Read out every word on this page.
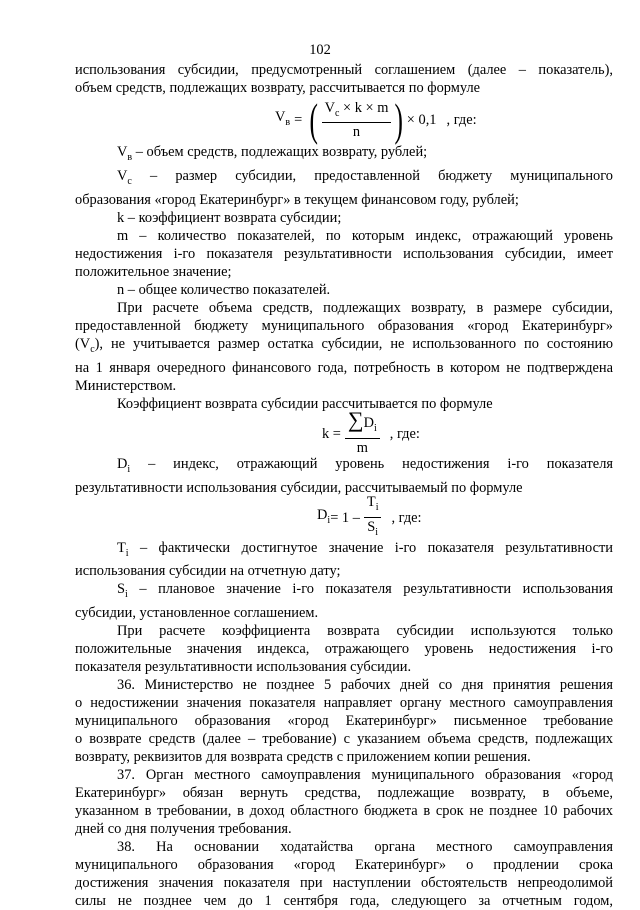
102

использования субсидии, предусмотренный соглашением (далее – показатель),

объем средств, подлежащих возврату, рассчитывается по формуле

$V_в$ = ( $\frac{V_с \times k \times m}{n}$ ) × 0,1 , где:

$V_в$ – объем средств, подлежащих возврату, рублей;

$V_с$ – размер субсидии, предоставленной бюджету муниципального

образования «город Екатеринбург» в текущем финансовом году, рублей;

k – коэффициент возврата субсидии;

m – количество показателей, по которым индекс, отражающий уровень

недостижения i-го показателя результативности использования субсидии, имеет

положительное значение;

n – общее количество показателей.

При расчете объема средств, подлежащих возврату, в размере субсидии,

предоставленной бюджету муниципального образования «город Екатеринбург»

$(V_с)$, не учитывается размер остатка субсидии, не использованного по состоянию

на 1 января очередного финансового года, потребность в котором не подтверждена

Министерством.

Коэффициент возврата субсидии рассчитывается по формуле

$k = \frac{\sum D_i}{m}$ , где:

$D_i$ – индекс, отражающий уровень недостижения i-го показателя

результативности использования субсидии, рассчитываемый по формуле

$D_i = 1 - \frac{T_i}{S_i}$ , где:

$T_i$ – фактически достигнутое значение i-го показателя результативности

использования субсидии на отчетную дату;

$S_i$ – плановое значение i-го показателя результативности использования

субсидии, установленное соглашением.

При расчете коэффициента возврата субсидии используются только

положительные значения индекса, отражающего уровень недостижения i-го

показателя результативности использования субсидии.

36. Министерство не позднее 5 рабочих дней со дня принятия решения

о недостижении значения показателя направляет органу местного самоуправления

муниципального образования «город Екатеринбург» письменное требование

о возврате средств (далее – требование) с указанием объема средств, подлежащих

возврату, реквизитов для возврата средств с приложением копии решения.

37. Орган местного самоуправления муниципального образования «город

Екатеринбург» обязан вернуть средства, подлежащие возврату, в объеме,

указанном в требовании, в доход областного бюджета в срок не позднее 10 рабочих

дней со дня получения требования.

38. На основании ходатайства органа местного самоуправления

муниципального образования «город Екатеринбург» о продлении срока

достижения значения показателя при наступлении обстоятельств непреодолимой

силы не позднее чем до 1 сентября года, следующего за отчетным годом,
